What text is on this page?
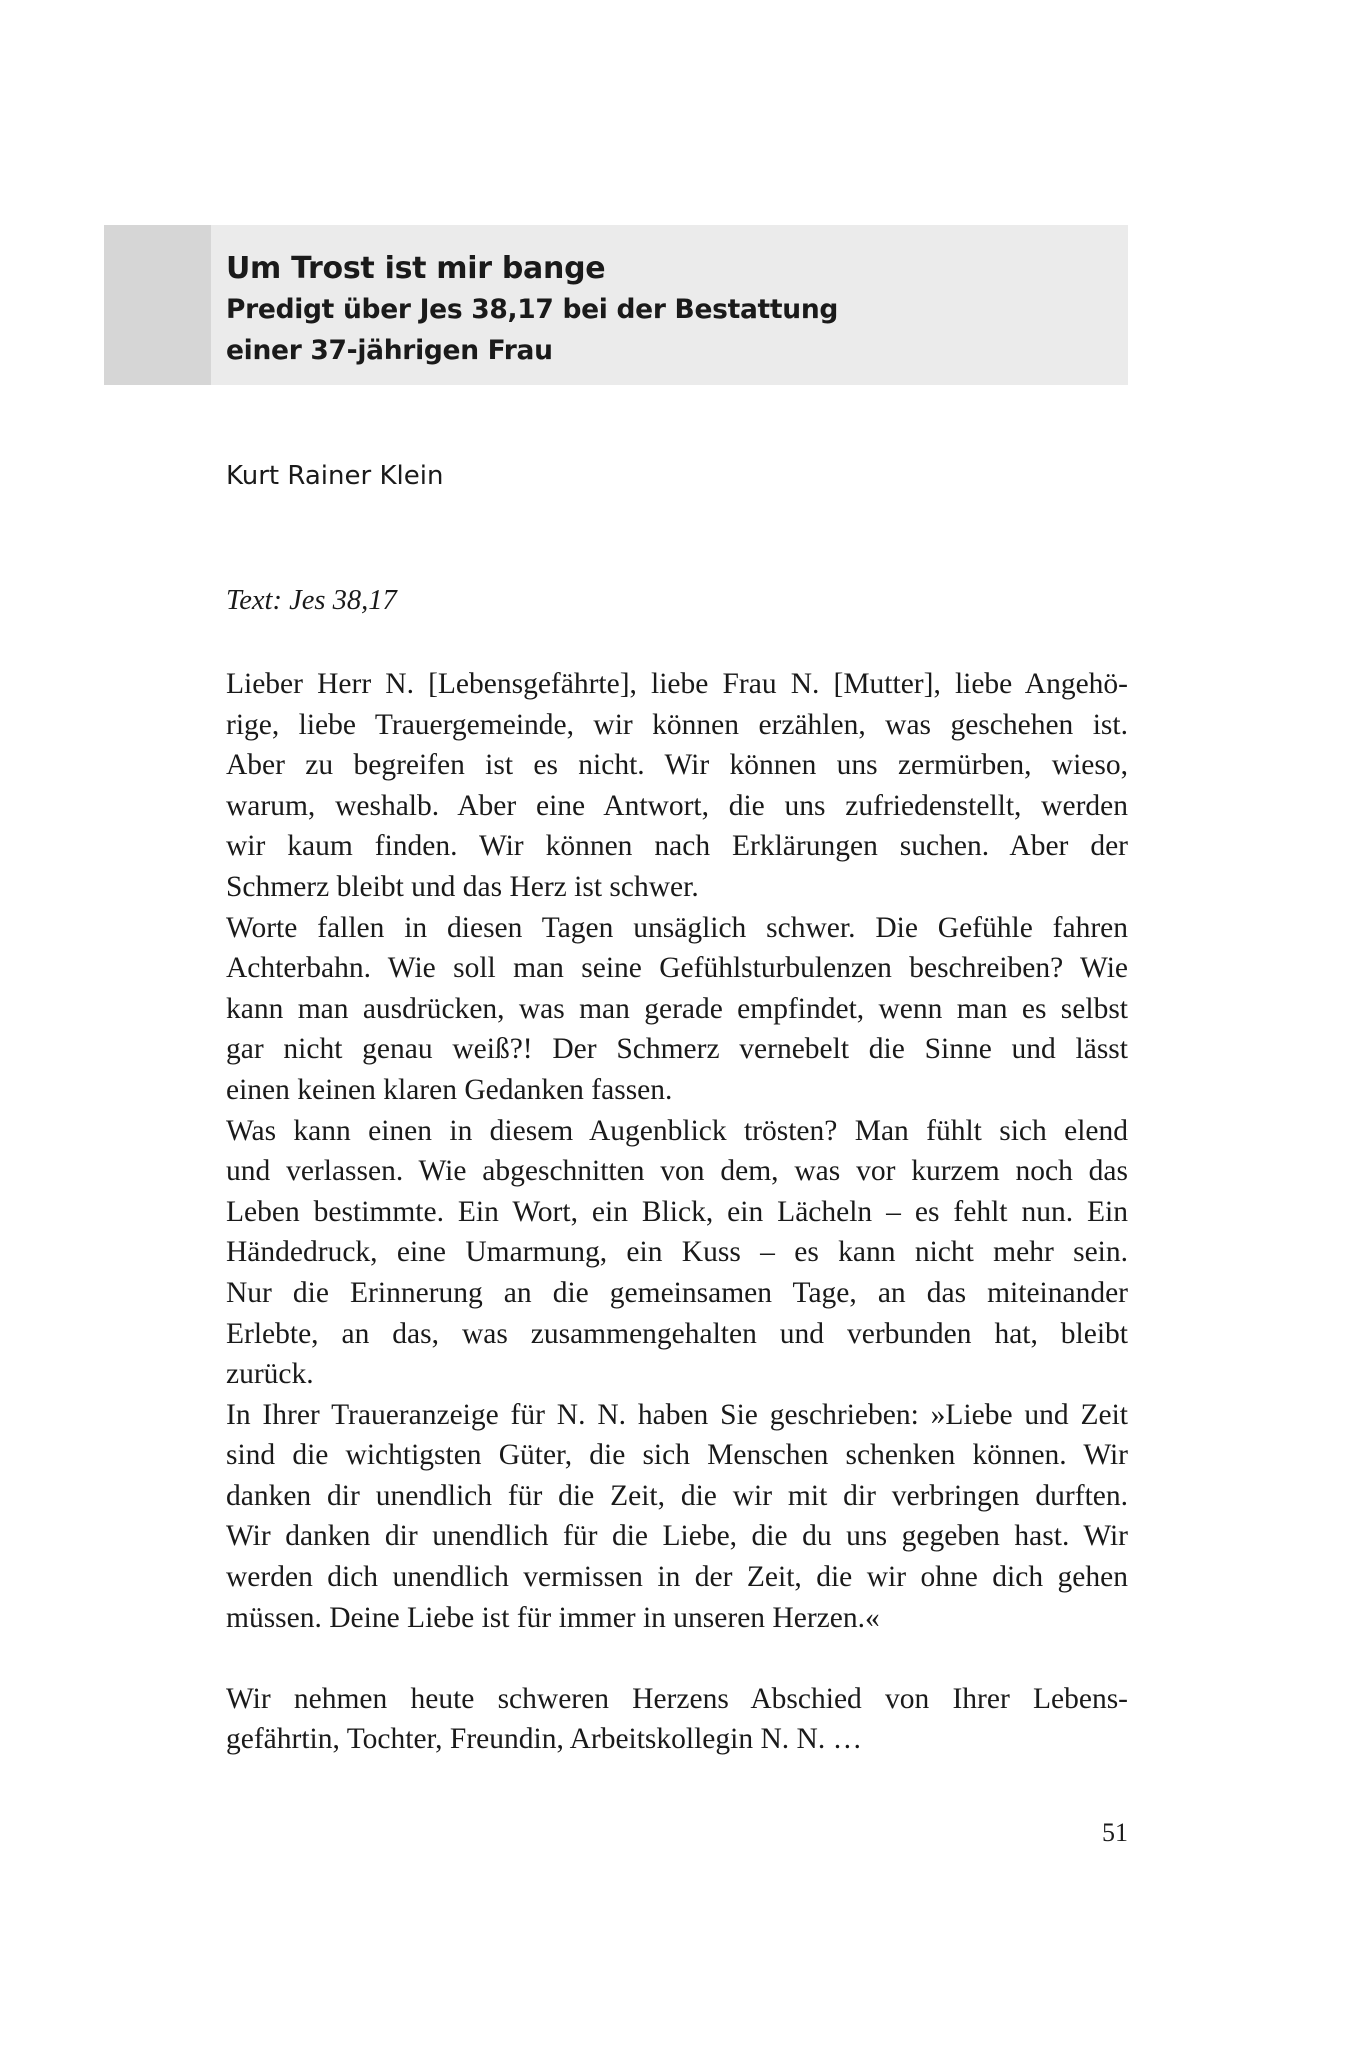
Um Trost ist mir bange
Predigt über Jes 38,17 bei der Bestattung
einer 37-jährigen Frau
Kurt Rainer Klein
Text: Jes 38,17
Lieber Herr N. [Lebensgefährte], liebe Frau N. [Mutter], liebe Angehö-
rige, liebe Trauergemeinde, wir können erzählen, was geschehen ist.
Aber zu begreifen ist es nicht. Wir können uns zermürben, wieso,
warum, weshalb. Aber eine Antwort, die uns zufriedenstellt, werden
wir kaum finden. Wir können nach Erklärungen suchen. Aber der
Schmerz bleibt und das Herz ist schwer.
Worte fallen in diesen Tagen unsäglich schwer. Die Gefühle fahren
Achterbahn. Wie soll man seine Gefühlsturbulenzen beschreiben? Wie
kann man ausdrücken, was man gerade empfindet, wenn man es selbst
gar nicht genau weiß?! Der Schmerz vernebelt die Sinne und lässt
einen keinen klaren Gedanken fassen.
Was kann einen in diesem Augenblick trösten? Man fühlt sich elend
und verlassen. Wie abgeschnitten von dem, was vor kurzem noch das
Leben bestimmte. Ein Wort, ein Blick, ein Lächeln – es fehlt nun. Ein
Händedruck, eine Umarmung, ein Kuss – es kann nicht mehr sein.
Nur die Erinnerung an die gemeinsamen Tage, an das miteinander
Erlebte, an das, was zusammengehalten und verbunden hat, bleibt
zurück.
In Ihrer Traueranzeige für N. N. haben Sie geschrieben: »Liebe und Zeit
sind die wichtigsten Güter, die sich Menschen schenken können. Wir
danken dir unendlich für die Zeit, die wir mit dir verbringen durften.
Wir danken dir unendlich für die Liebe, die du uns gegeben hast. Wir
werden dich unendlich vermissen in der Zeit, die wir ohne dich gehen
müssen. Deine Liebe ist für immer in unseren Herzen.«
Wir nehmen heute schweren Herzens Abschied von Ihrer Lebens-
gefährtin, Tochter, Freundin, Arbeitskollegin N. N. …
51
